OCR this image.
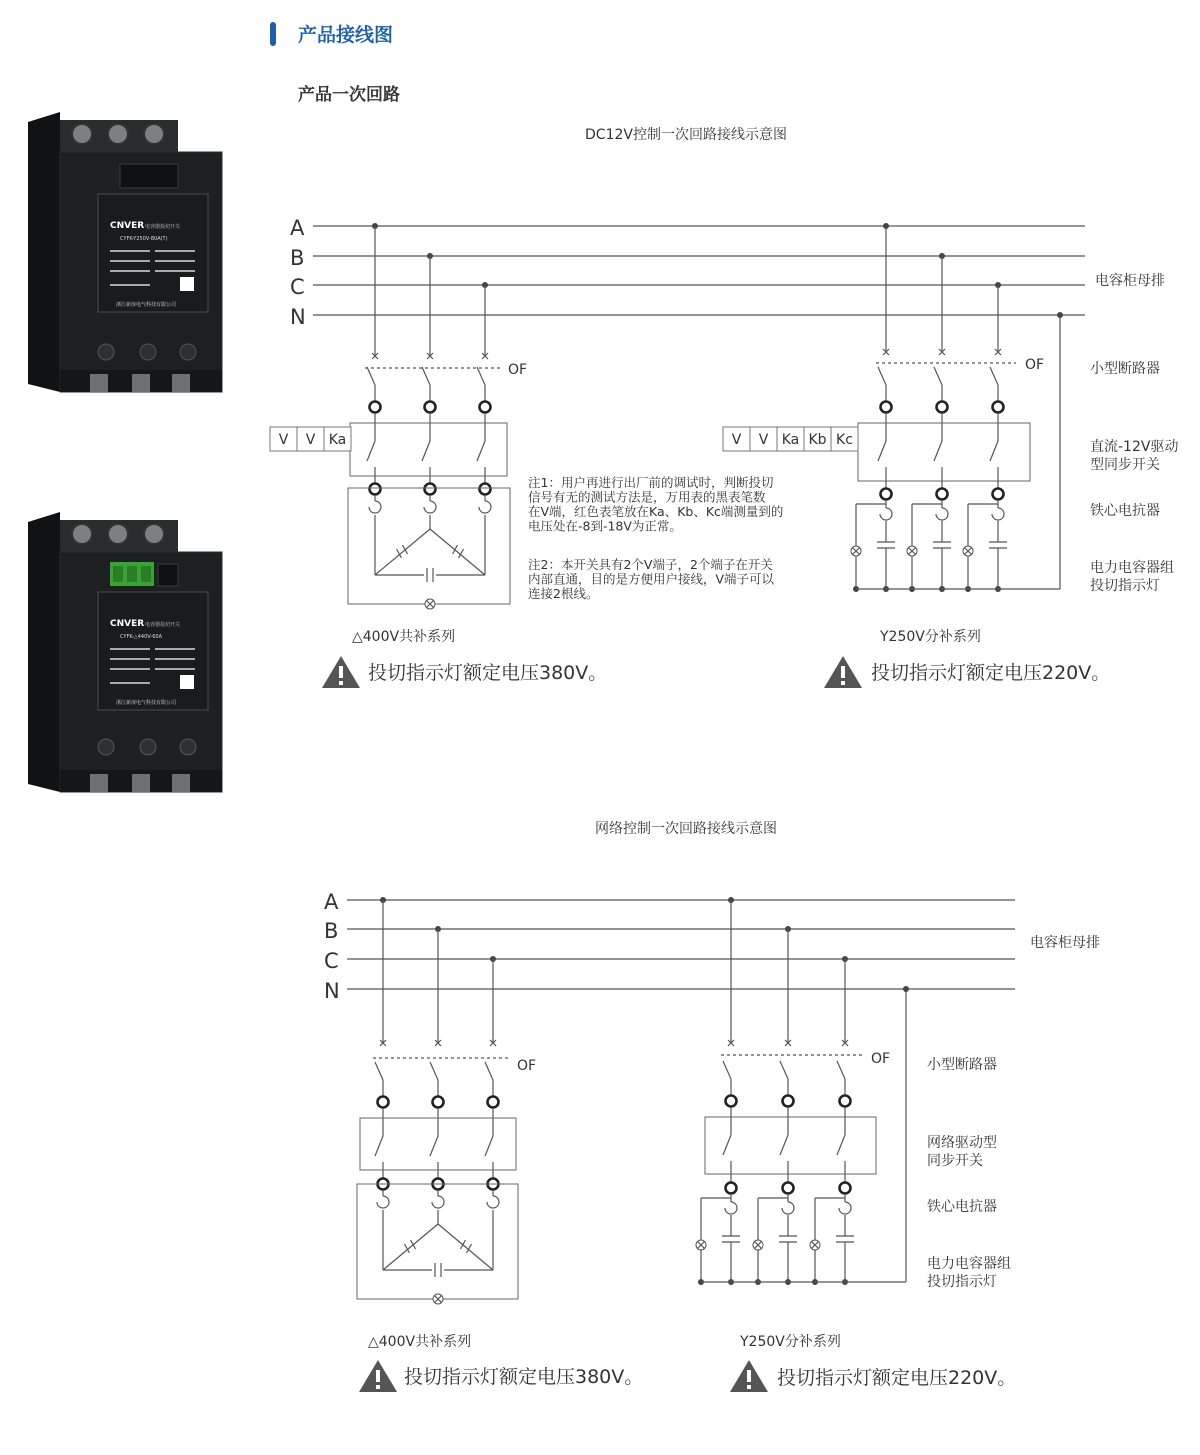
产品接线图
产品一次回路
CNVER 电容器投切开关
CYFK-Y250V-80A(T)
浙江新淳电气科技有限公司
CNVER 电容器投切开关
CYFK-△440V-60A
浙江新淳电气科技有限公司
DC12V控制一次回路接线示意图
A
B
C
N
OF	OF
V V Ka	V V Ka Kb Kc
电容柜母排
小型断路器
直流-12V驱动
型同步开关
铁心电抗器
电力电容器组
投切指示灯
注1：用户再进行出厂前的调试时，判断投切
信号有无的测试方法是，万用表的黑表笔数
在V端，红色表笔放在Ka、Kb、Kc端测量到的
电压处在-8到-18V为正常。
注2：本开关具有2个V端子，2个端子在开关
内部直通，目的是方便用户接线，V端子可以
连接2根线。
△400V共补系列	Y250V分补系列
投切指示灯额定电压380V。	投切指示灯额定电压220V。
网络控制一次回路接线示意图
A
B
C
N
OF	OF
电容柜母排
小型断路器
网络驱动型
同步开关
铁心电抗器
电力电容器组
投切指示灯
△400V共补系列	Y250V分补系列
投切指示灯额定电压380V。	投切指示灯额定电压220V。
